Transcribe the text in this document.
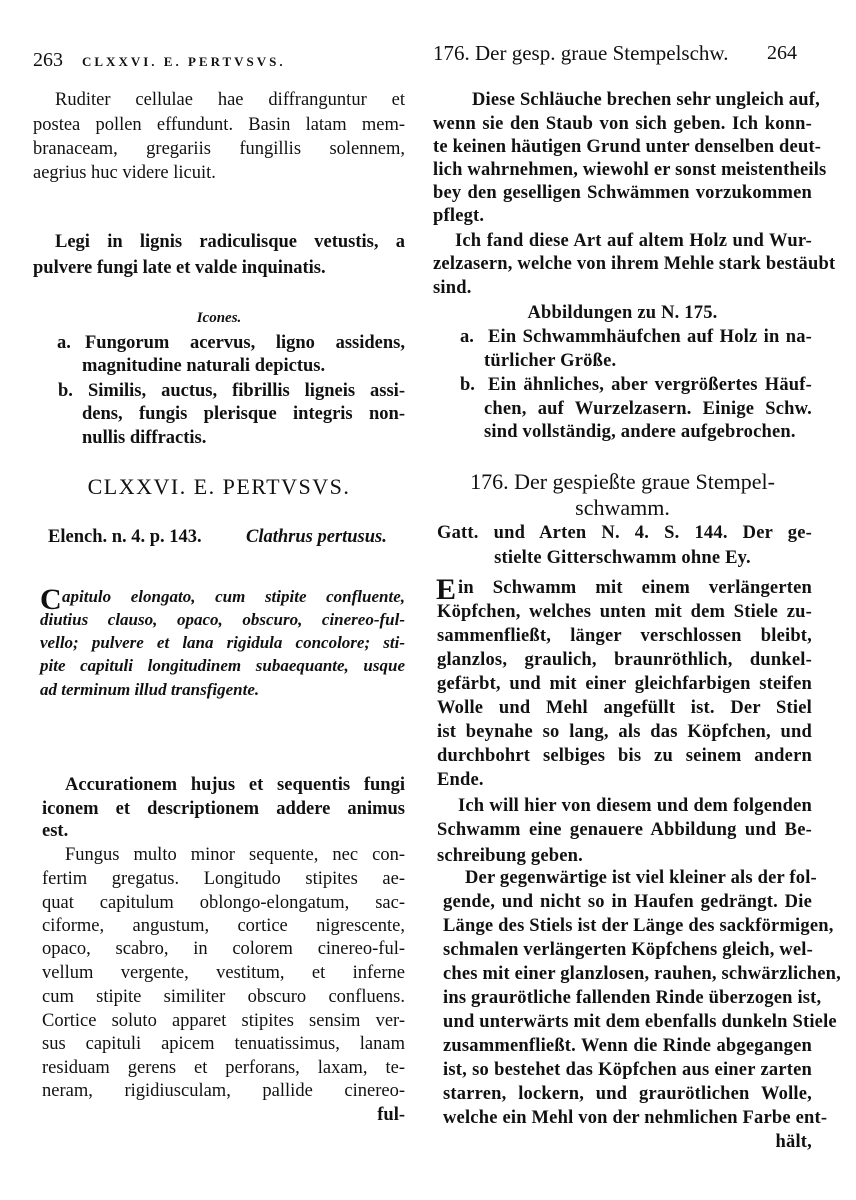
263 CLXXVI. E. PERTVSVS.
Ruditer cellulae hae diffranguntur et
postea pollen effundunt. Basin latam mem-
branaceam, gregariis fungillis solennem,
aegrius huc videre licuit.
Legi in lignis radiculisque vetustis, a
pulvere fungi late et valde inquinatis.
Icones.
a. Fungorum acervus, ligno assidens,
magnitudine naturali depictus.
b. Similis, auctus, fibrillis ligneis assi-
dens, fungis plerisque integris non-
nullis diffractis.
CLXXVI. E. PERTVSVS.
Elench. n. 4. p. 143. Clathrus pertusus.
C apitulo elongato, cum stipite confluente,
diutius clauso, opaco, obscuro, cinereo-ful-
vello; pulvere et lana rigidula concolore; sti-
pite capituli longitudinem subaequante, usque
ad terminum illud transfigente.
Accurationem hujus et sequentis fungi
iconem et descriptionem addere animus
est.
Fungus multo minor sequente, nec con-
fertim gregatus. Longitudo stipites ae-
quat capitulum oblongo-elongatum, sac-
ciforme, angustum, cortice nigrescente,
opaco, scabro, in colorem cinereo-ful-
vellum vergente, vestitum, et inferne
cum stipite similiter obscuro confluens.
Cortice soluto apparet stipites sensim ver-
sus capituli apicem tenuatissimus, lanam
residuam gerens et perforans, laxam, te-
neram, rigidiusculam, pallide cinereo-
ful-
176. Der gesp. graue Stempelschw. 264
Diese Schläuche brechen sehr ungleich auf,
wenn sie den Staub von sich geben. Ich konn-
te keinen häutigen Grund unter denselben deut-
lich wahrnehmen, wiewohl er sonst meistentheils
bey den geselligen Schwämmen vorzukommen
pflegt.
Ich fand diese Art auf altem Holz und Wur-
zelzasern, welche von ihrem Mehle stark bestäubt
sind.
Abbildungen zu N. 175.
a. Ein Schwammhäufchen auf Holz in na-
türlicher Größe.
b. Ein ähnliches, aber vergrößertes Häuf-
chen, auf Wurzelzasern. Einige Schw.
sind vollständig, andere aufgebrochen.
176. Der gespießte graue Stempel-
schwamm.
Gatt. und Arten N. 4. S. 144. Der ge-
stielte Gitterschwamm ohne Ey.
E in Schwamm mit einem verlängerten
Köpfchen, welches unten mit dem Stiele zu-
sammenfließt, länger verschlossen bleibt,
glanzlos, graulich, braunröthlich, dunkel-
gefärbt, und mit einer gleichfarbigen steifen
Wolle und Mehl angefüllt ist. Der Stiel
ist beynahe so lang, als das Köpfchen, und
durchbohrt selbiges bis zu seinem andern
Ende.
Ich will hier von diesem und dem folgenden
Schwamm eine genauere Abbildung und Be-
schreibung geben.
Der gegenwärtige ist viel kleiner als der fol-
gende, und nicht so in Haufen gedrängt. Die
Länge des Stiels ist der Länge des sackförmigen,
schmalen verlängerten Köpfchens gleich, wel-
ches mit einer glanzlosen, rauhen, schwärzlichen,
ins graurötliche fallenden Rinde überzogen ist,
und unterwärts mit dem ebenfalls dunkeln Stiele
zusammenfließt. Wenn die Rinde abgegangen
ist, so bestehet das Köpfchen aus einer zarten
starren, lockern, und graurötlichen Wolle,
welche ein Mehl von der nehmlichen Farbe ent-
hält,
